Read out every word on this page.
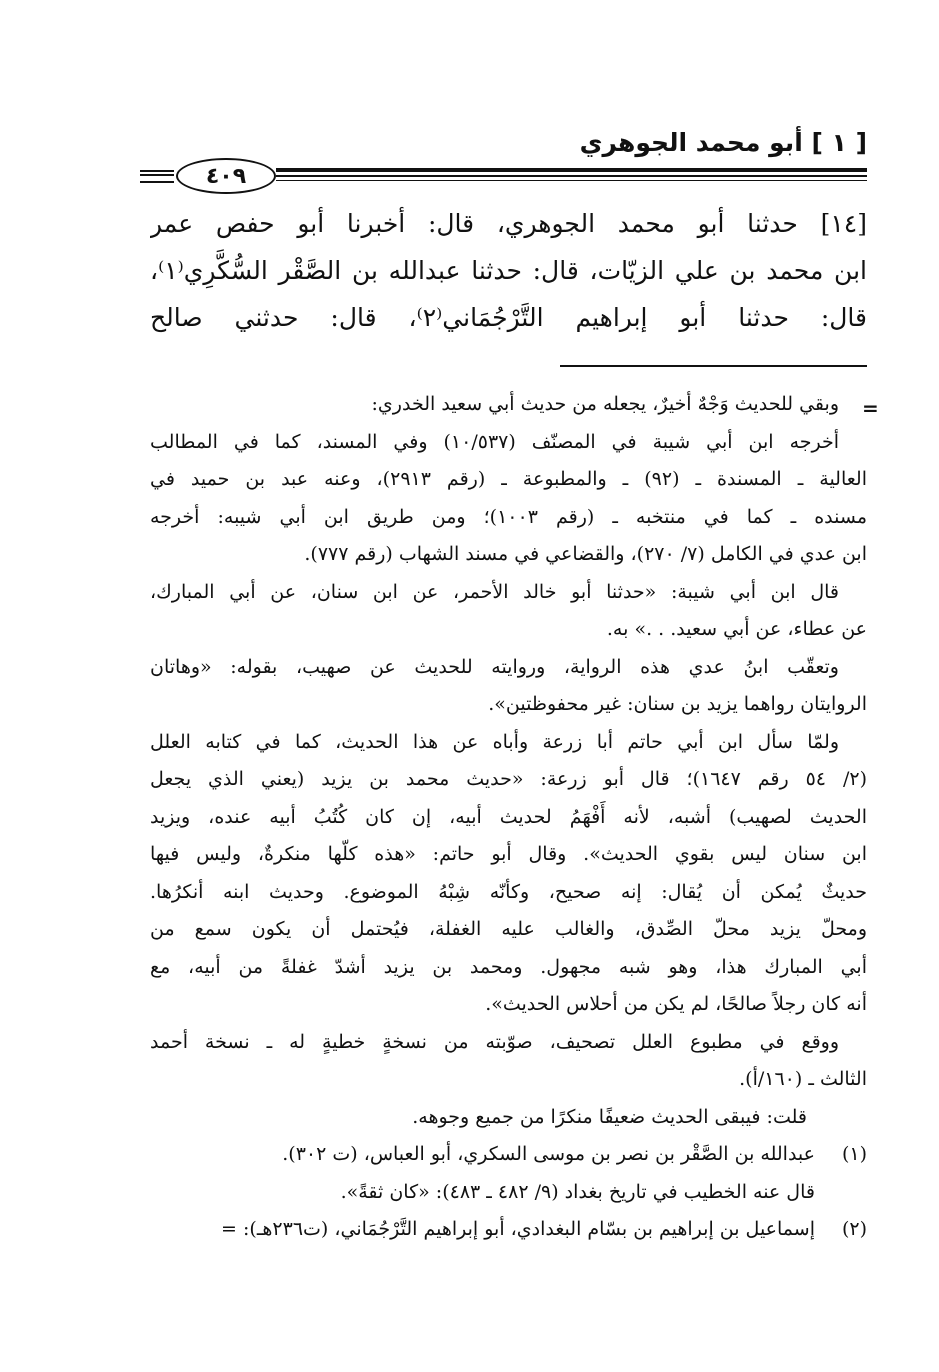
[ ١ ] أبو محمد الجوهري
٤٠٩
[١٤] حدثنا أبو محمد الجوهري، قال: أخبرنا أبو حفص عمر
ابن محمد بن علي الزيّات، قال: حدثنا عبدالله بن الصَّقْر السُّكَّرِي⁽١⁾،
قال: حدثنا أبو إبراهيم التَّرْجُمَاني⁽٢⁾، قال: حدثني صالح
=
وبقي للحديث وَجْهٌ أخيرٌ، يجعله من حديث أبي سعيد الخدري:
أخرجه ابن أبي شيبة في المصنّف (١٠/٥٣٧) وفي المسند، كما في المطالب
العالية ـ المسندة ـ (٩٢) ـ والمطبوعة ـ (رقم ٢٩١٣)، وعنه عبد بن حميد في
مسنده ـ كما في منتخبه ـ (رقم ١٠٠٣)؛ ومن طريق ابن أبي شيبه: أخرجه
ابن عدي في الكامل (٧/ ٢٧٠)، والقضاعي في مسند الشهاب (رقم ٧٧٧).
قال ابن أبي شيبة: «حدثنا أبو خالد الأحمر، عن ابن سنان، عن أبي المبارك،
عن عطاء، عن أبي سعيد. . .» به.
وتعقّب ابنُ عدي هذه الرواية، وروايته للحديث عن صهيب، بقوله: «وهاتان
الروايتان رواهما يزيد بن سنان: غير محفوظتين».
ولمّا سأل ابن أبي حاتم أبا زرعة وأباه عن هذا الحديث، كما في كتابه العلل
(٢/ ٥٤ رقم ١٦٤٧)؛ قال أبو زرعة: «حديث محمد بن يزيد (يعني الذي يجعل
الحديث لصهيب) أشبه، لأنه أَفْهَمُ لحديث أبيه، إن كان كُتُبُ أبيه عنده، ويزيد
ابن سنان ليس بقوي الحديث». وقال أبو حاتم: «هذه كلّها منكرةٌ، وليس فيها
حديثٌ يُمكن أن يُقال: إنه صحيح، وكأنّه شِبْهُ الموضوع. وحديث ابنه أنكرُها.
ومحلّ يزيد محلّ الصِّدق، والغالب عليه الغفلة، فيُحتمل أن يكون سمع من
أبي المبارك هذا، وهو شبه مجهول. ومحمد بن يزيد أشدّ غفلةً من أبيه، مع
أنه كان رجلاً صالحًا، لم يكن من أحلاس الحديث».
ووقع في مطبوع العلل تصحيف، صوّبته من نسخةٍ خطيةٍ له ـ نسخة أحمد
الثالث ـ (١٦٠/أ).
قلت: فيبقى الحديث ضعيفًا منكرًا من جميع وجوهه.
(١)عبدالله بن الصَّقْر بن نصر بن موسى السكري، أبو العباس، (ت ٣٠٢).
قال عنه الخطيب في تاريخ بغداد (٩/ ٤٨٢ ـ ٤٨٣): «كان ثقةً».
(٢)إسماعيل بن إبراهيم بن بسّام البغدادي، أبو إبراهيم التَّرْجُمَاني، (ت٢٣٦هـ): =
